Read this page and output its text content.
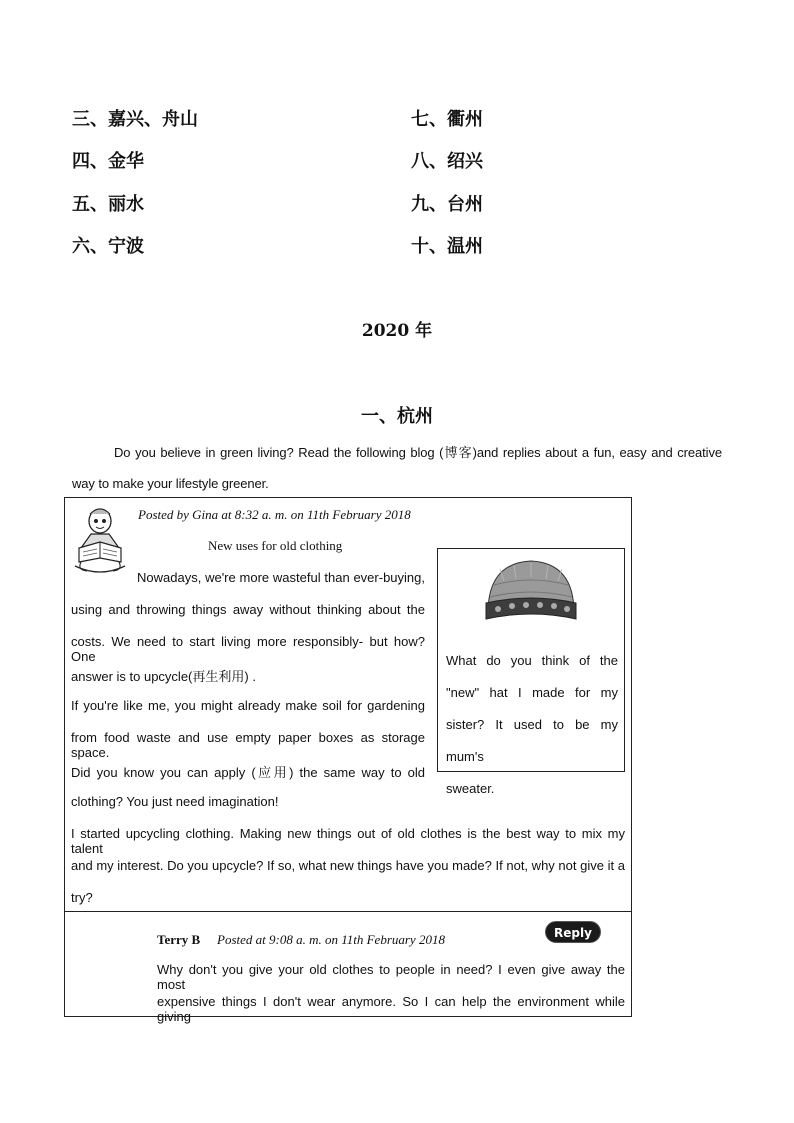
三、嘉兴、舟山
四、金华
五、丽水
六、宁波
七、衢州
八、绍兴
九、台州
十、温州
2020 年
一、杭州
Do you believe in green living? Read the following blog (博客)and replies about a fun, easy and creative way to make your lifestyle greener.
Posted by Gina at 8:32 a. m. on 11th February 2018
New uses for old clothing
Nowadays, we're more wasteful than ever-buying,
using and throwing things away without thinking about the
costs. We need to start living more responsibly- but how? One
answer is to upcycle(再生利用) .
If you're like me, you might already make soil for gardening
from food waste and use empty paper boxes as storage space.
Did you know you can apply (应用) the same way to old
clothing? You just need imagination!
I started upcycling clothing. Making new things out of old clothes is the best way to mix my talent
and my interest. Do you upcycle? If so, what new things have you made? If not, why not give it a
try?
What do you think of the
"new" hat I made for my
sister? It used to be my mum's
sweater.
Terry B Posted at 9:08 a. m. on 11th February 2018	Reply
Why don't you give your old clothes to people in need? I even give away the most
expensive things I don't wear anymore. So I can help the environment while giving
